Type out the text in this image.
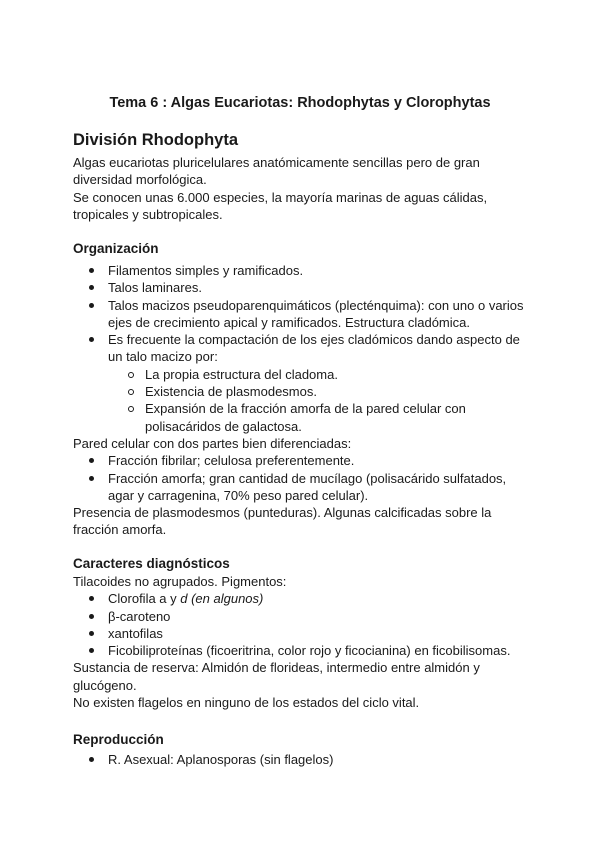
Tema 6 : Algas Eucariotas: Rhodophytas y Clorophytas
División Rhodophyta

Algas eucariotas pluricelulares anatómicamente sencillas pero de gran diversidad morfológica.

Se conocen unas 6.000 especies, la mayoría marinas de aguas cálidas, tropicales y subtropicales.

Organización
Filamentos simples y ramificados.
Talos laminares.
Talos macizos pseudoparenquimáticos (plecténquima): con uno o varios ejes de crecimiento apical y ramificados. Estructura cladómica.
Es frecuente la compactación de los ejes cladómicos dando aspecto de un talo macizo por:
La propia estructura del cladoma.
Existencia de plasmodesmos.
Expansión de la fracción amorfa de la pared celular con polisacáridos de galactosa.

Pared celular con dos partes bien diferenciadas:

Fracción fibrilar; celulosa preferentemente.
Fracción amorfa; gran cantidad de mucílago (polisacárido sulfatados, agar y carragenina, 70% peso pared celular).

Presencia de plasmodesmos (punteduras). Algunas calcificadas sobre la fracción amorfa.

Caracteres diagnósticos

Tilacoides no agrupados. Pigmentos:

Clorofila a y d (en algunos)
β-caroteno
xantofilas
Ficobiliproteínas (ficoeritrina, color rojo y ficocianina) en ficobilisomas.

Sustancia de reserva: Almidón de florideas, intermedio entre almidón y glucógeno.

No existen flagelos en ninguno de los estados del ciclo vital.

Reproducción
R. Asexual: Aplanosporas (sin flagelos)
